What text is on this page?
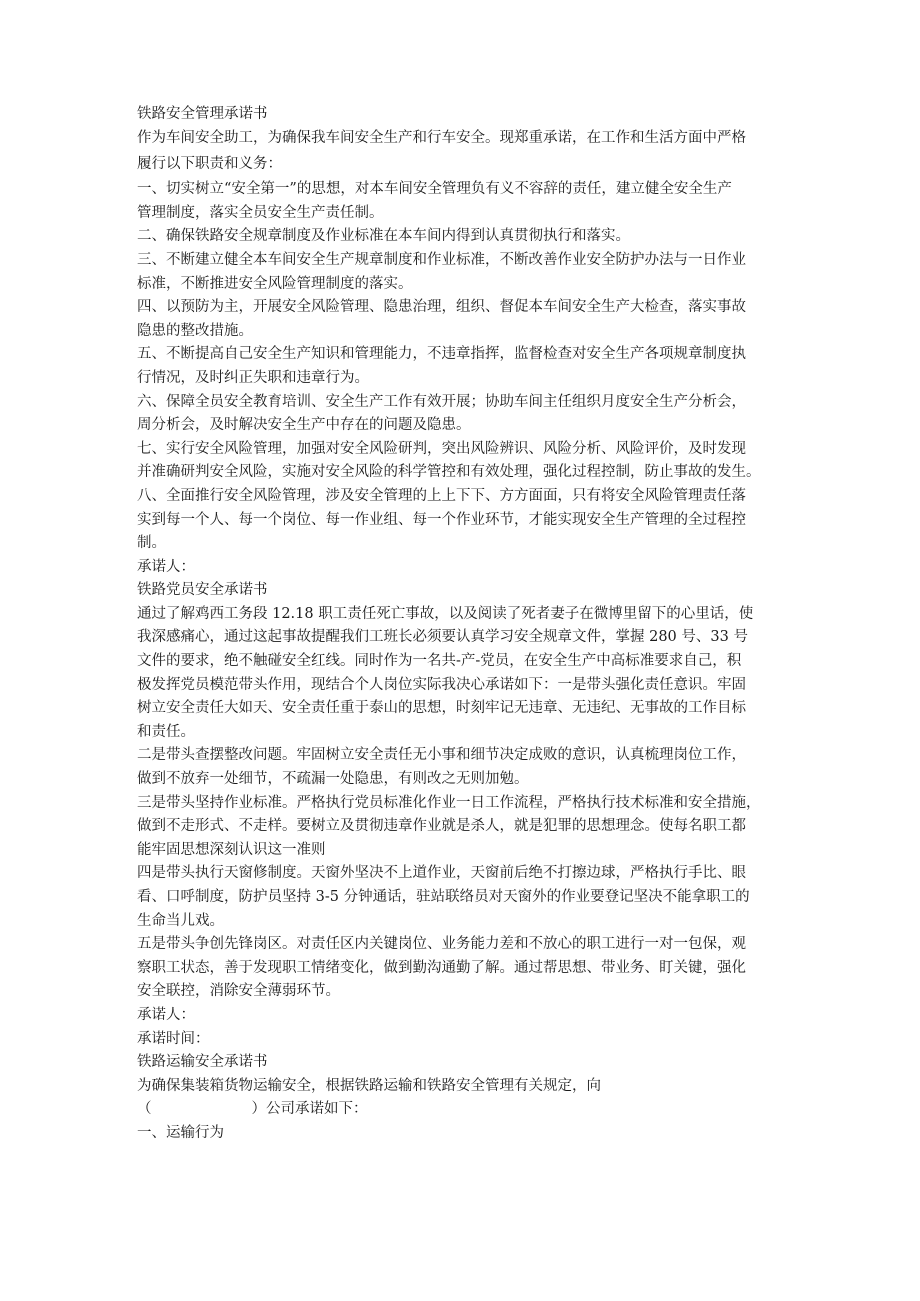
铁路安全管理承诺书
作为车间安全助工，为确保我车间安全生产和行车安全。现郑重承诺，在工作和生活方面中严格
履行以下职责和义务：
一、切实树立“安全第一”的思想，对本车间安全管理负有义不容辞的责任，建立健全安全生产
管理制度，落实全员安全生产责任制。
二、确保铁路安全规章制度及作业标准在本车间内得到认真贯彻执行和落实。
三、不断建立健全本车间安全生产规章制度和作业标准，不断改善作业安全防护办法与一日作业
标准，不断推进安全风险管理制度的落实。
四、以预防为主，开展安全风险管理、隐患治理，组织、督促本车间安全生产大检查，落实事故
隐患的整改措施。
五、不断提高自己安全生产知识和管理能力，不违章指挥，监督检查对安全生产各项规章制度执
行情况，及时纠正失职和违章行为。
六、保障全员安全教育培训、安全生产工作有效开展；协助车间主任组织月度安全生产分析会，
周分析会，及时解决安全生产中存在的问题及隐患。
七、实行安全风险管理，加强对安全风险研判，突出风险辨识、风险分析、风险评价，及时发现
并准确研判安全风险，实施对安全风险的科学管控和有效处理，强化过程控制，防止事故的发生。
八、全面推行安全风险管理，涉及安全管理的上上下下、方方面面，只有将安全风险管理责任落
实到每一个人、每一个岗位、每一作业组、每一个作业环节，才能实现安全生产管理的全过程控
制。
承诺人：
铁路党员安全承诺书
通过了解鸡西工务段 12.18 职工责任死亡事故，以及阅读了死者妻子在微博里留下的心里话，使
我深感痛心，通过这起事故提醒我们工班长必须要认真学习安全规章文件，掌握 280 号、33 号
文件的要求，绝不触碰安全红线。同时作为一名共-产-党员，在安全生产中高标准要求自己，积
极发挥党员模范带头作用，现结合个人岗位实际我决心承诺如下：一是带头强化责任意识。牢固
树立安全责任大如天、安全责任重于泰山的思想，时刻牢记无违章、无违纪、无事故的工作目标
和责任。
二是带头查摆整改问题。牢固树立安全责任无小事和细节决定成败的意识，认真梳理岗位工作，
做到不放弃一处细节，不疏漏一处隐患，有则改之无则加勉。
三是带头坚持作业标准。严格执行党员标准化作业一日工作流程，严格执行技术标准和安全措施，
做到不走形式、不走样。要树立及贯彻违章作业就是杀人，就是犯罪的思想理念。使每名职工都
能牢固思想深刻认识这一准则
四是带头执行天窗修制度。天窗外坚决不上道作业，天窗前后绝不打擦边球，严格执行手比、眼
看、口呼制度，防护员坚持 3-5 分钟通话，驻站联络员对天窗外的作业要登记坚决不能拿职工的
生命当儿戏。
五是带头争创先锋岗区。对责任区内关键岗位、业务能力差和不放心的职工进行一对一包保，观
察职工状态，善于发现职工情绪变化，做到勤沟通勤了解。通过帮思想、带业务、盯关键，强化
安全联控，消除安全薄弱环节。
承诺人：
承诺时间：
铁路运输安全承诺书
为确保集装箱货物运输安全，根据铁路运输和铁路安全管理有关规定，向
（	）公司承诺如下：
一、运输行为
